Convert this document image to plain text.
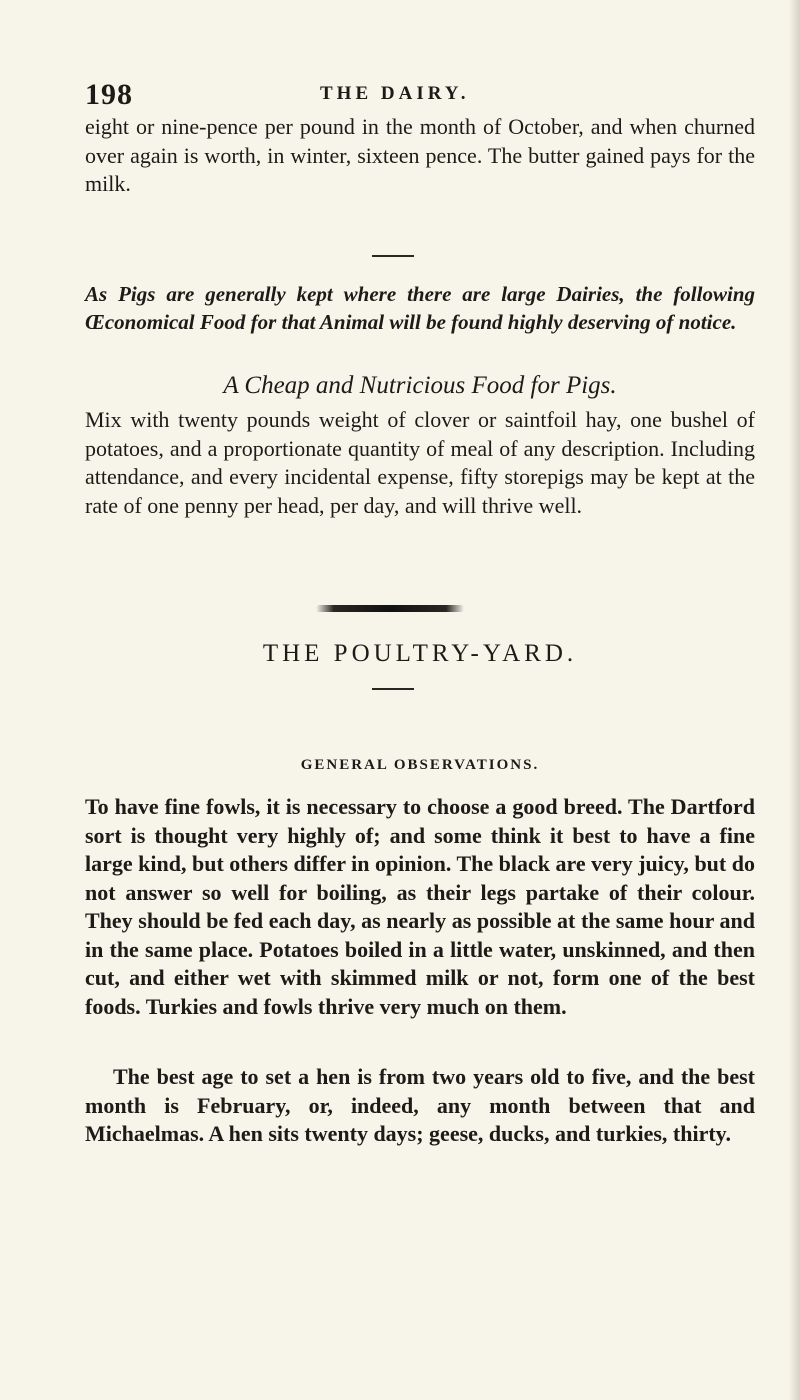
198	THE DAIRY.

eight or nine-pence per pound in the month of October, and when churned over again is worth, in winter, sixteen pence. The butter gained pays for the milk.

As Pigs are generally kept where there are large Dairies, the following Œconomical Food for that Animal will be found highly deserving of notice.

A Cheap and Nutricious Food for Pigs.

Mix with twenty pounds weight of clover or saintfoil hay, one bushel of potatoes, and a proportionate quantity of meal of any description. Including attendance, and every incidental expense, fifty storepigs may be kept at the rate of one penny per head, per day, and will thrive well.

THE POULTRY-YARD.
GENERAL OBSERVATIONS.

To have fine fowls, it is necessary to choose a good breed. The Dartford sort is thought very highly of; and some think it best to have a fine large kind, but others differ in opinion. The black are very juicy, but do not answer so well for boiling, as their legs partake of their colour. They should be fed each day, as nearly as possible at the same hour and in the same place. Potatoes boiled in a little water, unskinned, and then cut, and either wet with skimmed milk or not, form one of the best foods. Turkies and fowls thrive very much on them.

The best age to set a hen is from two years old to five, and the best month is February, or, indeed, any month between that and Michaelmas. A hen sits twenty days; geese, ducks, and turkies, thirty.
